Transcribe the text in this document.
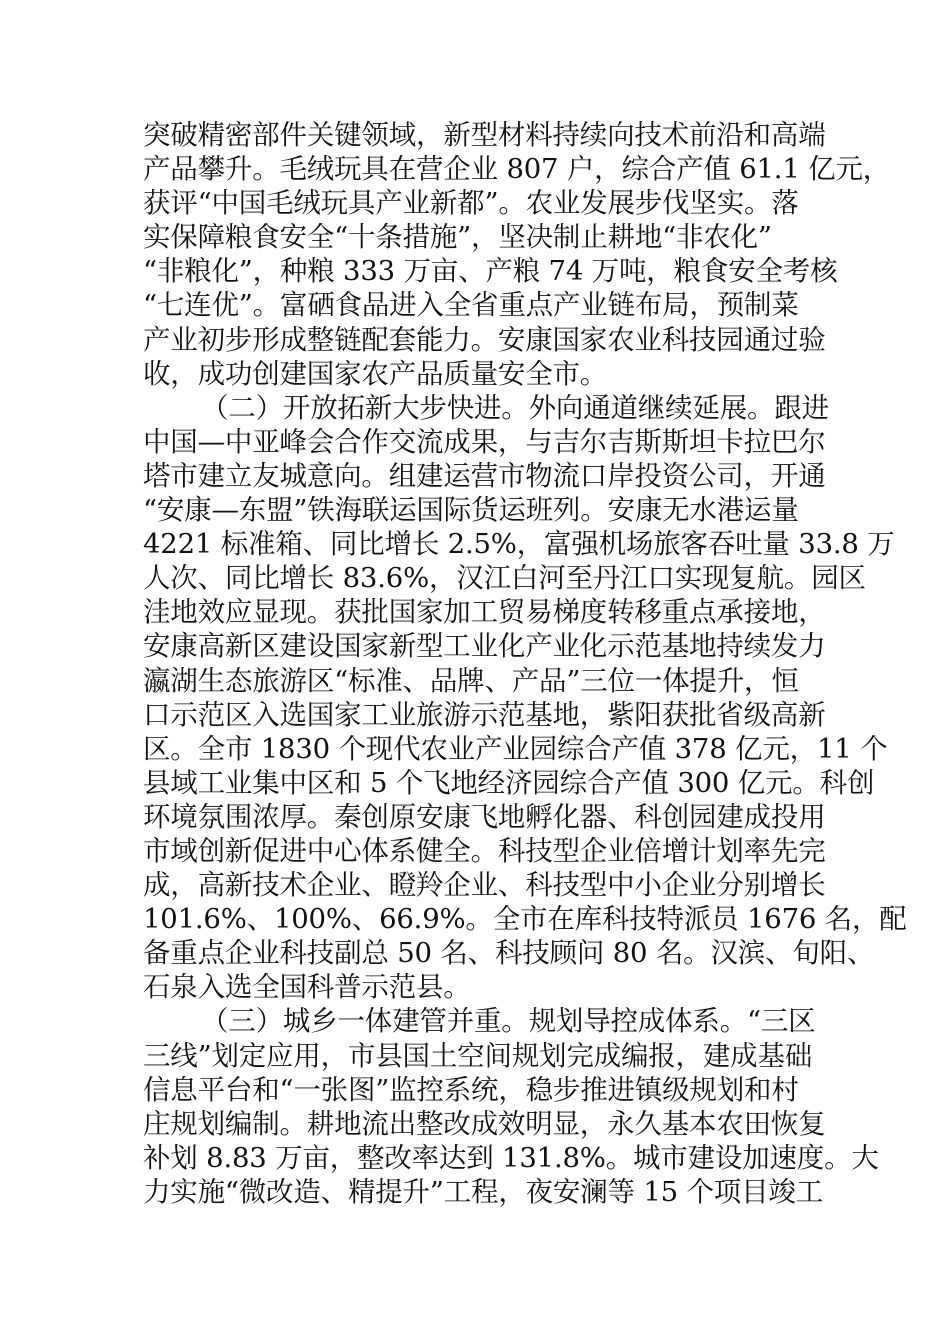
突破精密部件关键领域，新型材料持续向技术前沿和高端
产品攀升。毛绒玩具在营企业 807 户，综合产值 61.1 亿元，
获评“中国毛绒玩具产业新都”。农业发展步伐坚实。落
实保障粮食安全“十条措施”，坚决制止耕地“非农化”
“非粮化”，种粮 333 万亩、产粮 74 万吨，粮食安全考核
“七连优”。富硒食品进入全省重点产业链布局，预制菜
产业初步形成整链配套能力。安康国家农业科技园通过验
收，成功创建国家农产品质量安全市。
（二）开放拓新大步快进。外向通道继续延展。跟进
中国—中亚峰会合作交流成果，与吉尔吉斯斯坦卡拉巴尔
塔市建立友城意向。组建运营市物流口岸投资公司，开通
“安康—东盟”铁海联运国际货运班列。安康无水港运量
4221 标准箱、同比增长 2.5%，富强机场旅客吞吐量 33.8 万
人次、同比增长 83.6%，汉江白河至丹江口实现复航。园区
洼地效应显现。获批国家加工贸易梯度转移重点承接地，
安康高新区建设国家新型工业化产业化示范基地持续发力
瀛湖生态旅游区“标准、品牌、产品”三位一体提升，恒
口示范区入选国家工业旅游示范基地，紫阳获批省级高新
区。全市 1830 个现代农业产业园综合产值 378 亿元，11 个
县域工业集中区和 5 个飞地经济园综合产值 300 亿元。科创
环境氛围浓厚。秦创原安康飞地孵化器、科创园建成投用
市域创新促进中心体系健全。科技型企业倍增计划率先完
成，高新技术企业、瞪羚企业、科技型中小企业分别增长
101.6%、100%、66.9%。全市在库科技特派员 1676 名，配
备重点企业科技副总 50 名、科技顾问 80 名。汉滨、旬阳、
石泉入选全国科普示范县。
（三）城乡一体建管并重。规划导控成体系。“三区
三线”划定应用，市县国土空间规划完成编报，建成基础
信息平台和“一张图”监控系统，稳步推进镇级规划和村
庄规划编制。耕地流出整改成效明显，永久基本农田恢复
补划 8.83 万亩，整改率达到 131.8%。城市建设加速度。大
力实施“微改造、精提升”工程，夜安澜等 15 个项目竣工
